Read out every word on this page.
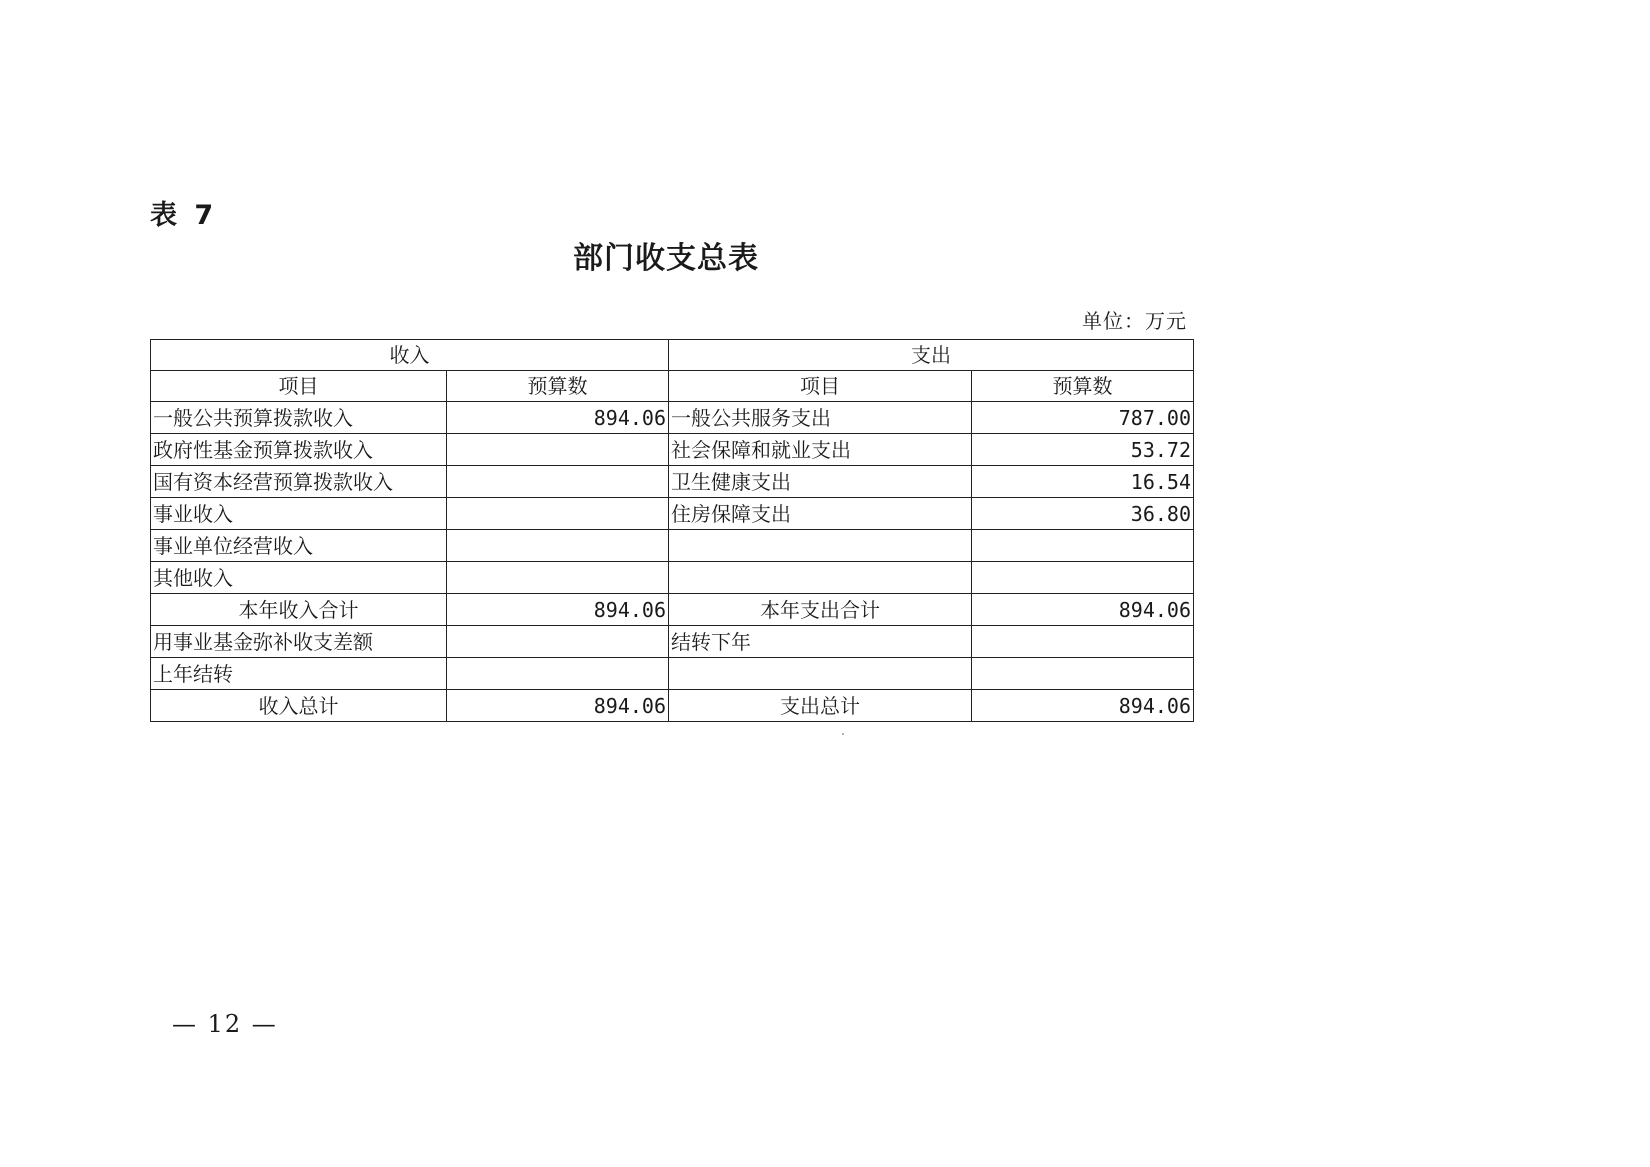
表 7
部门收支总表
单位：万元
收入		支出	
项目	预算数	项目	预算数
一般公共预算拨款收入	894.06	一般公共服务支出	787.00
政府性基金预算拨款收入		社会保障和就业支出	53.72
国有资本经营预算拨款收入		卫生健康支出	16.54
事业收入		住房保障支出	36.80
事业单位经营收入			
其他收入			
本年收入合计	894.06	本年支出合计	894.06
用事业基金弥补收支差额		结转下年	
上年结转			
收入总计	894.06	支出总计	894.06
— 12 —
